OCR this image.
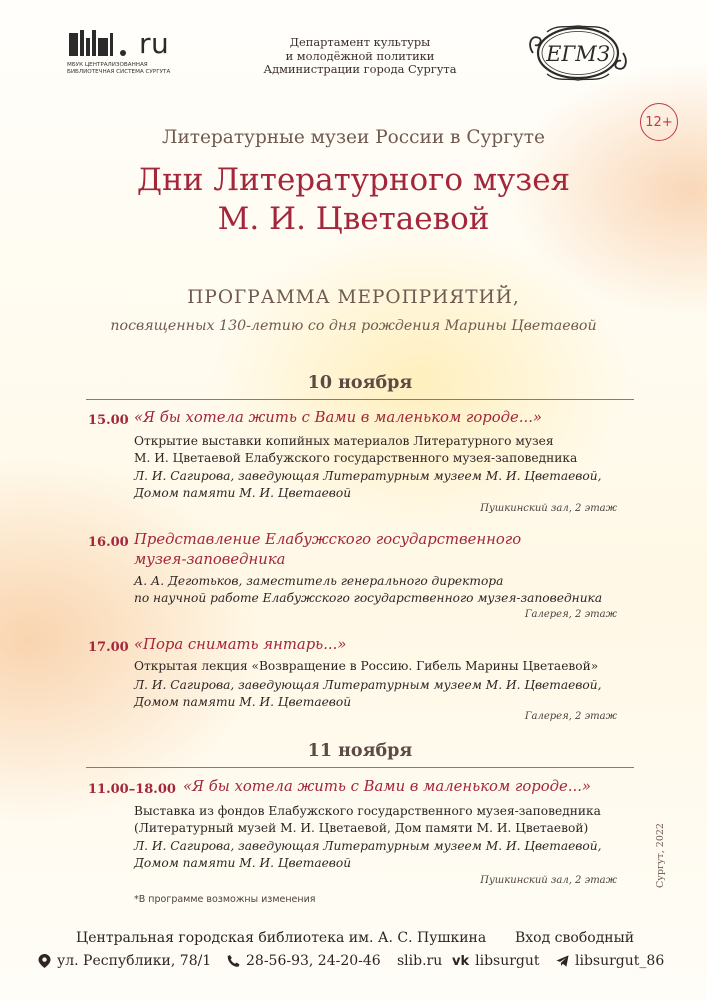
ru
МБУК ЦЕНТРАЛИЗОВАННАЯ БИБЛИОТЕЧНАЯ СИСТЕМА СУРГУТА
Департамент культуры
и молодёжной политики
Администрации города Сургута
ЕГМЗ
12+
Литературные музеи России в Сургуте
Дни Литературного музея
М. И. Цветаевой
ПРОГРАММА МЕРОПРИЯТИЙ,
посвященных 130-летию со дня рождения Марины Цветаевой
10 ноября
15.00 «Я бы хотела жить с Вами в маленьком городе...»
Открытие выставки копийных материалов Литературного музея
М. И. Цветаевой Елабужского государственного музея-заповедника
Л. И. Сагирова, заведующая Литературным музеем М. И. Цветаевой,
Домом памяти М. И. Цветаевой
Пушкинский зал, 2 этаж
16.00 Представление Елабужского государственного
музея-заповедника
А. А. Деготьков, заместитель генерального директора
по научной работе Елабужского государственного музея-заповедника
Галерея, 2 этаж
17.00 «Пора снимать янтарь...»
Открытая лекция «Возвращение в Россию. Гибель Марины Цветаевой»
Л. И. Сагирова, заведующая Литературным музеем М. И. Цветаевой,
Домом памяти М. И. Цветаевой
Галерея, 2 этаж
11 ноября
11.00–18.00 «Я бы хотела жить с Вами в маленьком городе...»
Выставка из фондов Елабужского государственного музея-заповедника
(Литературный музей М. И. Цветаевой, Дом памяти М. И. Цветаевой)
Л. И. Сагирова, заведующая Литературным музеем М. И. Цветаевой,
Домом памяти М. И. Цветаевой
Пушкинский зал, 2 этаж
*В программе возможны изменения
Сургут, 2022
Центральная городская библиотека им. А. С. Пушкина Вход свободный
ул. Республики, 78/1 28-56-93, 24-20-46 slib.ru vk libsurgut	libsurgut_86
